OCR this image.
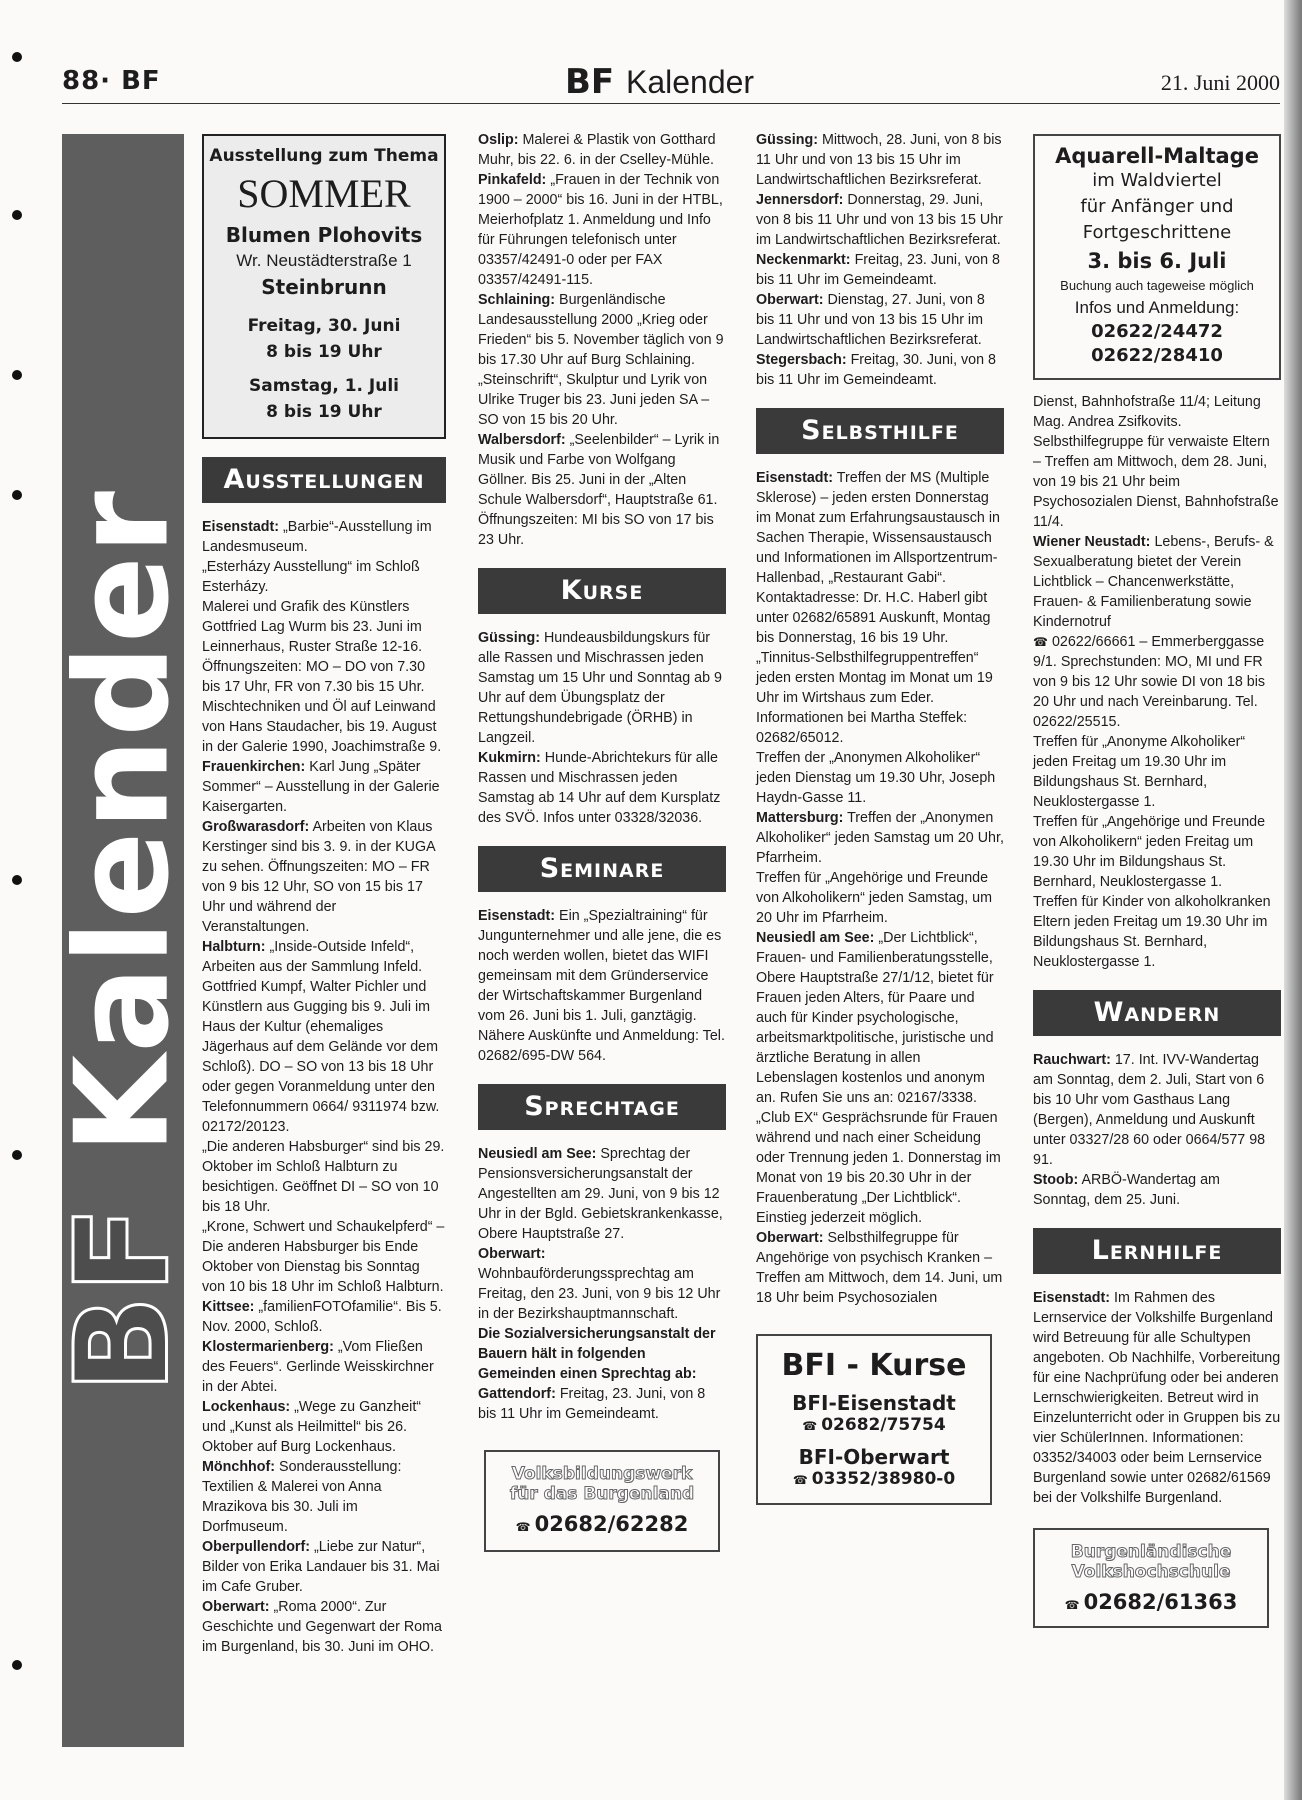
88· BF	BF Kalender	21. Juni 2000
BFKalender
Ausstellung zum Thema
SOMMER
Blumen Plohovits
Wr. Neustädterstraße 1
Steinbrunn
Freitag, 30. Juni
8 bis 19 Uhr
Samstag, 1. Juli
8 bis 19 Uhr
Ausstellungen

Eisenstadt: „Barbie“-Ausstellung im Landesmuseum.

„Esterházy Ausstellung“ im Schloß Esterházy.

Malerei und Grafik des Künstlers Gottfried Lag Wurm bis 23. Juni im Leinnerhaus, Ruster Straße 12-16. Öffnungszeiten: MO – DO von 7.30 bis 17 Uhr, FR von 7.30 bis 15 Uhr.

Mischtechniken und Öl auf Leinwand von Hans Staudacher, bis 19. August in der Galerie 1990, Joachimstraße 9.

Frauenkirchen: Karl Jung „Später Sommer“ – Ausstellung in der Galerie Kaisergarten.

Großwarasdorf: Arbeiten von Klaus Kerstinger sind bis 3. 9. in der KUGA zu sehen. Öffnungszeiten: MO – FR von 9 bis 12 Uhr, SO von 15 bis 17 Uhr und während der Veranstaltungen.

Halbturn: „Inside-Outside Infeld“, Arbeiten aus der Sammlung Infeld. Gottfried Kumpf, Walter Pichler und Künstlern aus Gugging bis 9. Juli im Haus der Kultur (ehemaliges Jägerhaus auf dem Gelände vor dem Schloß). DO – SO von 13 bis 18 Uhr oder gegen Voranmeldung unter den Telefonnummern 0664/ 9311974 bzw. 02172/20123.

„Die anderen Habsburger“ sind bis 29. Oktober im Schloß Halbturn zu besichtigen. Geöffnet DI – SO von 10 bis 18 Uhr.

„Krone, Schwert und Schaukelpferd“ – Die anderen Habsburger bis Ende Oktober von Dienstag bis Sonntag von 10 bis 18 Uhr im Schloß Halbturn.

Kittsee: „familienFOTOfamilie“. Bis 5. Nov. 2000, Schloß.

Klostermarienberg: „Vom Fließen des Feuers“. Gerlinde Weisskirchner in der Abtei.

Lockenhaus: „Wege zu Ganzheit“ und „Kunst als Heilmittel“ bis 26. Oktober auf Burg Lockenhaus.

Mönchhof: Sonderausstellung: Textilien & Malerei von Anna Mrazikova bis 30. Juli im Dorfmuseum.

Oberpullendorf: „Liebe zur Natur“, Bilder von Erika Landauer bis 31. Mai im Cafe Gruber.

Oberwart: „Roma 2000“. Zur Geschichte und Gegenwart der Roma im Burgenland, bis 30. Juni im OHO.

Oslip: Malerei & Plastik von Gotthard Muhr, bis 22. 6. in der Cselley-Mühle.

Pinkafeld: „Frauen in der Technik von 1900 – 2000“ bis 16. Juni in der HTBL, Meierhofplatz 1. Anmeldung und Info für Führungen telefonisch unter 03357/42491-0 oder per FAX 03357/42491-115.

Schlaining: Burgenländische Landesausstellung 2000 „Krieg oder Frieden“ bis 5. November täglich von 9 bis 17.30 Uhr auf Burg Schlaining.

„Steinschrift“, Skulptur und Lyrik von Ulrike Truger bis 23. Juni jeden SA – SO von 15 bis 20 Uhr.

Walbersdorf: „Seelenbilder“ – Lyrik in Musik und Farbe von Wolfgang Göllner. Bis 25. Juni in der „Alten Schule Walbersdorf“, Hauptstraße 61. Öffnungszeiten: MI bis SO von 17 bis 23 Uhr.

Kurse

Güssing: Hundeausbildungskurs für alle Rassen und Mischrassen jeden Samstag um 15 Uhr und Sonntag ab 9 Uhr auf dem Übungsplatz der Rettungshundebrigade (ÖRHB) in Langzeil.

Kukmirn: Hunde-Abrichtekurs für alle Rassen und Mischrassen jeden Samstag ab 14 Uhr auf dem Kursplatz des SVÖ. Infos unter 03328/32036.

Seminare

Eisenstadt: Ein „Spezialtraining“ für Jungunternehmer und alle jene, die es noch werden wollen, bietet das WIFI gemeinsam mit dem Gründerservice der Wirtschaftskammer Burgenland vom 26. Juni bis 1. Juli, ganztägig. Nähere Auskünfte und Anmeldung: Tel. 02682/695-DW 564.

Sprechtage

Neusiedl am See: Sprechtag der Pensionsversicherungsanstalt der Angestellten am 29. Juni, von 9 bis 12 Uhr in der Bgld. Gebietskrankenkasse, Obere Hauptstraße 27.

Oberwart: Wohnbauförderungssprechtag am Freitag, den 23. Juni, von 9 bis 12 Uhr in der Bezirkshauptmannschaft.

Die Sozialversicherungsanstalt der Bauern hält in folgenden Gemeinden einen Sprechtag ab:

Gattendorf: Freitag, 23. Juni, von 8 bis 11 Uhr im Gemeindeamt.

Volksbildungswerk
für das Burgenland
☎ 02682/62282

Güssing: Mittwoch, 28. Juni, von 8 bis 11 Uhr und von 13 bis 15 Uhr im Landwirtschaftlichen Bezirksreferat.

Jennersdorf: Donnerstag, 29. Juni, von 8 bis 11 Uhr und von 13 bis 15 Uhr im Landwirtschaftlichen Bezirksreferat.

Neckenmarkt: Freitag, 23. Juni, von 8 bis 11 Uhr im Gemeindeamt.

Oberwart: Dienstag, 27. Juni, von 8 bis 11 Uhr und von 13 bis 15 Uhr im Landwirtschaftlichen Bezirksreferat.

Stegersbach: Freitag, 30. Juni, von 8 bis 11 Uhr im Gemeindeamt.

Selbsthilfe

Eisenstadt: Treffen der MS (Multiple Sklerose) – jeden ersten Donnerstag im Monat zum Erfahrungsaustausch in Sachen Therapie, Wissensaustausch und Informationen im Allsportzentrum-Hallenbad, „Restaurant Gabi“. Kontaktadresse: Dr. H.C. Haberl gibt unter 02682/65891 Auskunft, Montag bis Donnerstag, 16 bis 19 Uhr.

„Tinnitus-Selbsthilfegruppentreffen“ jeden ersten Montag im Monat um 19 Uhr im Wirtshaus zum Eder. Informationen bei Martha Steffek: 02682/65012.

Treffen der „Anonymen Alkoholiker“ jeden Dienstag um 19.30 Uhr, Joseph Haydn-Gasse 11.

Mattersburg: Treffen der „Anonymen Alkoholiker“ jeden Samstag um 20 Uhr, Pfarrheim.

Treffen für „Angehörige und Freunde von Alkoholikern“ jeden Samstag, um 20 Uhr im Pfarrheim.

Neusiedl am See: „Der Lichtblick“, Frauen- und Familienberatungsstelle, Obere Hauptstraße 27/1/12, bietet für Frauen jeden Alters, für Paare und auch für Kinder psychologische, arbeitsmarktpolitische, juristische und ärztliche Beratung in allen Lebenslagen kostenlos und anonym an. Rufen Sie uns an: 02167/3338.

„Club EX“ Gesprächsrunde für Frauen während und nach einer Scheidung oder Trennung jeden 1. Donnerstag im Monat von 19 bis 20.30 Uhr in der Frauenberatung „Der Lichtblick“. Einstieg jederzeit möglich.

Oberwart: Selbsthilfegruppe für Angehörige von psychisch Kranken – Treffen am Mittwoch, dem 14. Juni, um 18 Uhr beim Psychosozialen

BFI - Kurse
BFI-Eisenstadt
☎ 02682/75754
BFI-Oberwart
☎ 03352/38980-0
Aquarell-Maltage
im Waldviertel
für Anfänger und
Fortgeschrittene
3. bis 6. Juli
Buchung auch tageweise möglich
Infos und Anmeldung:
02622/24472
02622/28410

Dienst, Bahnhofstraße 11/4; Leitung Mag. Andrea Zsifkovits.

Selbsthilfegruppe für verwaiste Eltern – Treffen am Mittwoch, dem 28. Juni, von 19 bis 21 Uhr beim Psychosozialen Dienst, Bahnhofstraße 11/4.

Wiener Neustadt: Lebens-, Berufs- & Sexualberatung bietet der Verein Lichtblick – Chancenwerkstätte, Frauen- & Familienberatung sowie Kindernotruf

☎ 02622/66661 – Emmerberggasse 9/1. Sprechstunden: MO, MI und FR von 9 bis 12 Uhr sowie DI von 18 bis 20 Uhr und nach Vereinbarung. Tel. 02622/25515.

Treffen für „Anonyme Alkoholiker“ jeden Freitag um 19.30 Uhr im Bildungshaus St. Bernhard, Neuklostergasse 1.

Treffen für „Angehörige und Freunde von Alkoholikern“ jeden Freitag um 19.30 Uhr im Bildungshaus St. Bernhard, Neuklostergasse 1.

Treffen für Kinder von alkoholkranken Eltern jeden Freitag um 19.30 Uhr im Bildungshaus St. Bernhard, Neuklostergasse 1.

Wandern

Rauchwart: 17. Int. IVV-Wandertag am Sonntag, dem 2. Juli, Start von 6 bis 10 Uhr vom Gasthaus Lang (Bergen), Anmeldung und Auskunft unter 03327/28 60 oder 0664/577 98 91.

Stoob: ARBÖ-Wandertag am Sonntag, dem 25. Juni.

Lernhilfe

Eisenstadt: Im Rahmen des Lernservice der Volkshilfe Burgenland wird Betreuung für alle Schultypen angeboten. Ob Nachhilfe, Vorbereitung für eine Nachprüfung oder bei anderen Lernschwierigkeiten. Betreut wird in Einzelunterricht oder in Gruppen bis zu vier SchülerInnen. Informationen: 03352/34003 oder beim Lernservice Burgenland sowie unter 02682/61569 bei der Volkshilfe Burgenland.

Burgenländische
Volkshochschule
☎ 02682/61363
